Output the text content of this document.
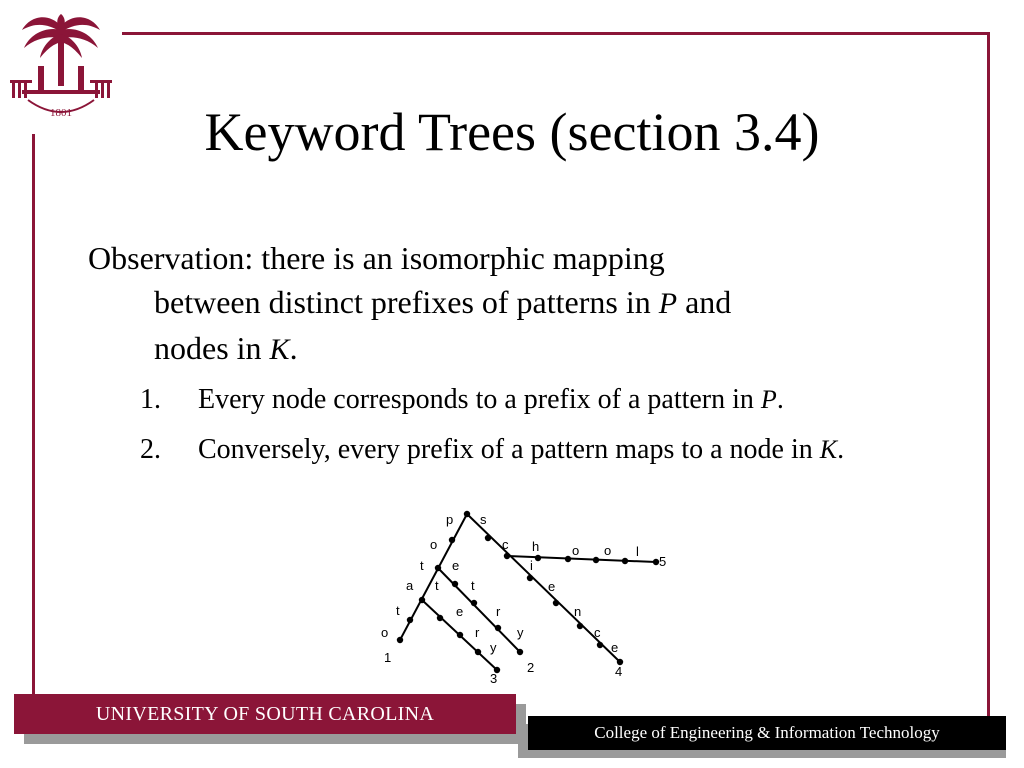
1801	Keyword Trees (section 3.4)

Observation: there is an isomorphic mapping

between distinct prefixes of patterns in P and

nodes in K.

1. Every node corresponds to a prefix of a pattern in P.

2. Conversely, every prefix of a pattern maps to a node in K.

p s
o	c h	o o l
5
t e	i
a t t	e
t	e	r	n
o	r	y	c
1
y	e
2
3	4
UNIVERSITY OF SOUTH CAROLINA
College of Engineering & Information Technology
